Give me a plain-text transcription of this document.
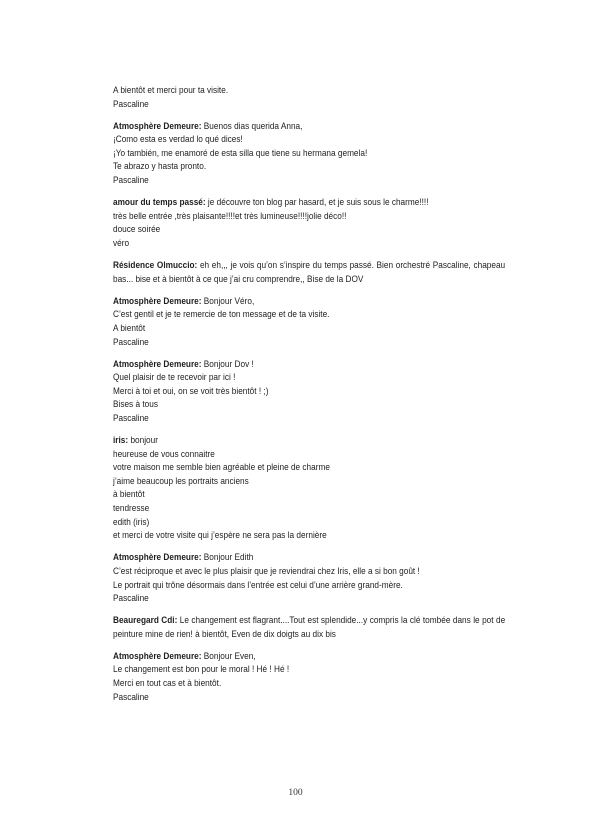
A bientôt et merci pour ta visite.
Pascaline
Atmosphère Demeure: Buenos dias querida Anna,
¡Como esta es verdad lo qué dices!
¡Yo también, me enamoré de esta silla que tiene su hermana gemela!
Te abrazo y hasta pronto.
Pascaline
amour du temps passé: je découvre ton blog par hasard, et je suis sous le charme!!!!
très belle entrée ,très plaisante!!!!et très lumineuse!!!!jolie déco!!
douce soirée
véro
Résidence Olmuccio: eh eh,,, je vois qu’on s’inspire du temps passé. Bien orchestré Pascaline, chapeau bas... bise et à bientôt à ce que j’ai cru comprendre,, Bise de la DOV
Atmosphère Demeure: Bonjour Véro,
C’est gentil et je te remercie de ton message et de ta visite.
A bientôt
Pascaline
Atmosphère Demeure: Bonjour Dov !
Quel plaisir de te recevoir par ici !
Merci à toi et oui, on se voit très bientôt ! ;)
Bises à tous
Pascaline
iris: bonjour
heureuse de vous connaitre
votre maison me semble bien agréable et pleine de charme
j’aime beaucoup les portraits anciens
à bientôt
tendresse
edith (iris)
et merci de votre visite qui j’espère ne sera pas la dernière
Atmosphère Demeure: Bonjour Edith
C’est réciproque et avec le plus plaisir que je reviendrai chez Iris, elle a si bon goût !
Le portrait qui trône désormais dans l’entrée est celui d’une arrière grand-mère.
Pascaline
Beauregard Cdi: Le changement est flagrant....Tout est splendide...y compris la clé tombée dans le pot de peinture mine de rien! à bientôt, Even de dix doigts au dix bis
Atmosphère Demeure: Bonjour Even,
Le changement est bon pour le moral ! Hé ! Hé !
Merci en tout cas et à bientôt.
Pascaline
100
